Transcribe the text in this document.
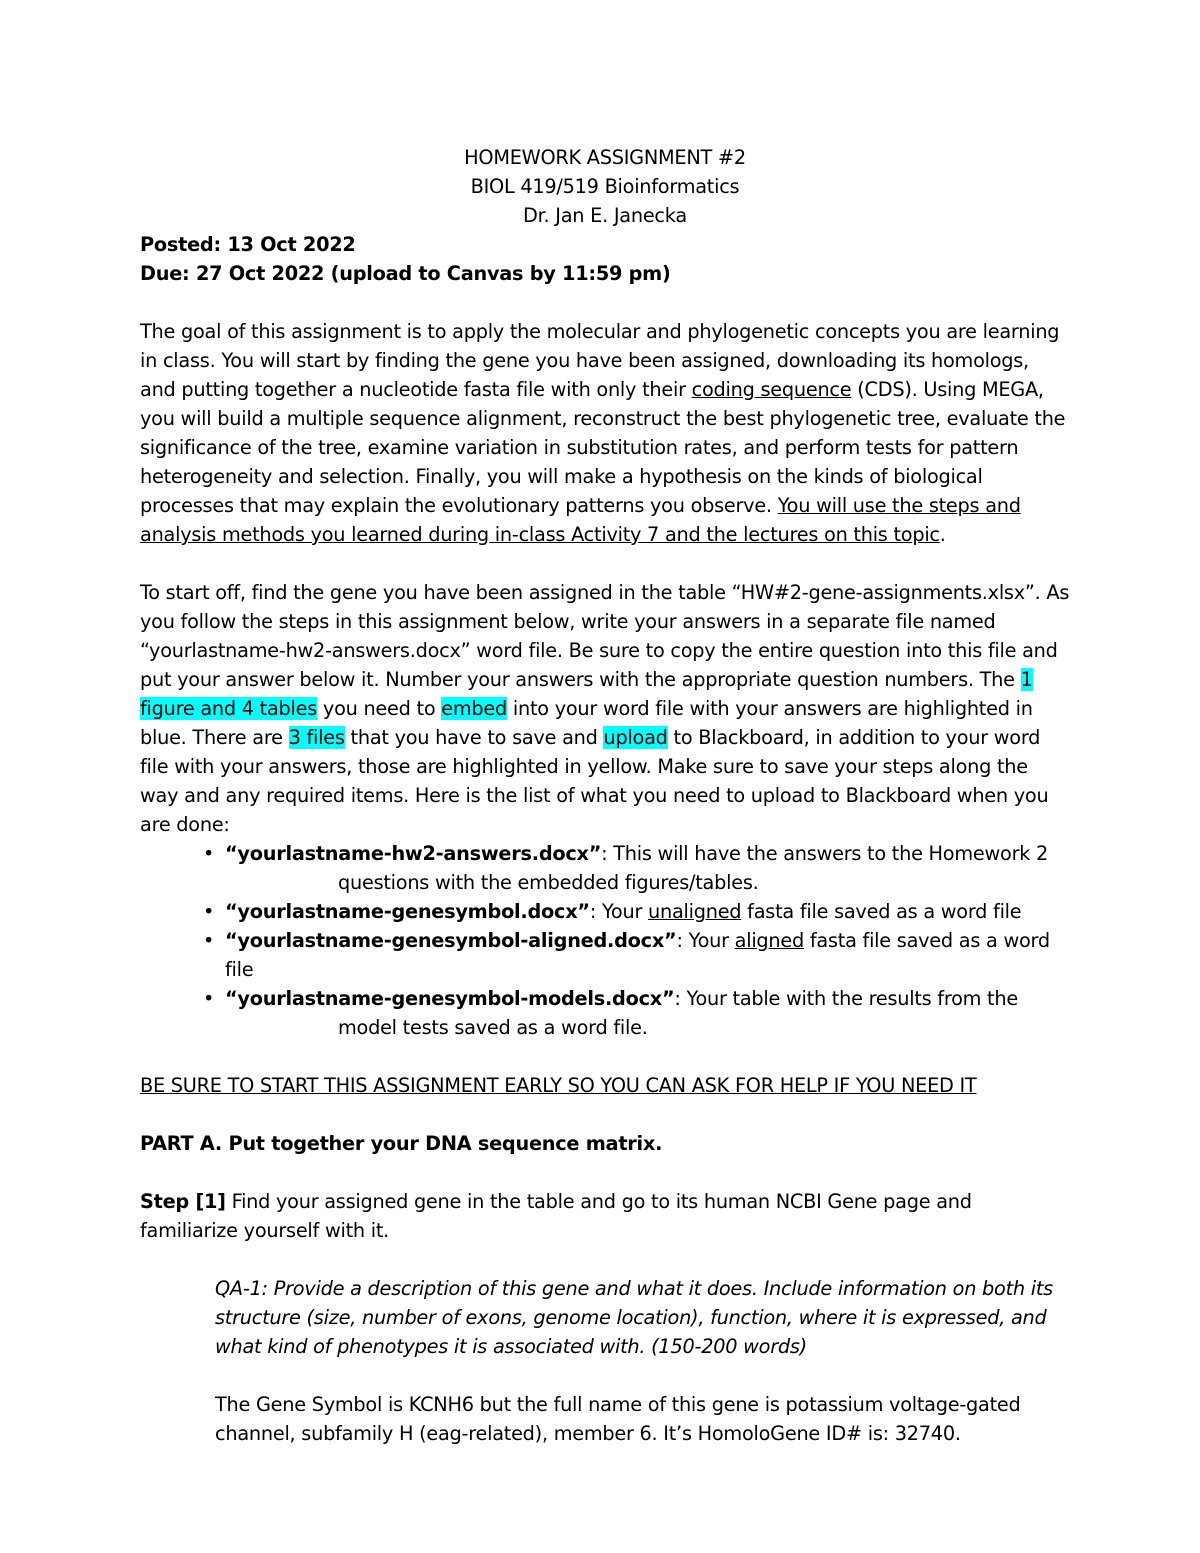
HOMEWORK ASSIGNMENT #2

BIOL 419/519 Bioinformatics

Dr. Jan E. Janecka

Posted: 13 Oct 2022

Due: 27 Oct 2022 (upload to Canvas by 11:59 pm)

The goal of this assignment is to apply the molecular and phylogenetic concepts you are learning in class. You will start by finding the gene you have been assigned, downloading its homologs, and putting together a nucleotide fasta file with only their coding sequence (CDS). Using MEGA, you will build a multiple sequence alignment, reconstruct the best phylogenetic tree, evaluate the significance of the tree, examine variation in substitution rates, and perform tests for pattern heterogeneity and selection. Finally, you will make a hypothesis on the kinds of biological processes that may explain the evolutionary patterns you observe. You will use the steps and analysis methods you learned during in-class Activity 7 and the lectures on this topic.

To start off, find the gene you have been assigned in the table “HW#2-gene-assignments.xlsx”. As you follow the steps in this assignment below, write your answers in a separate file named “yourlastname-hw2-answers.docx” word file. Be sure to copy the entire question into this file and put your answer below it. Number your answers with the appropriate question numbers. The 1 figure and 4 tables you need to embed into your word file with your answers are highlighted in blue. There are 3 files that you have to save and upload to Blackboard, in addition to your word file with your answers, those are highlighted in yellow. Make sure to save your steps along the way and any required items. Here is the list of what you need to upload to Blackboard when you are done:

• “yourlastname-hw2-answers.docx”: This will have the answers to the Homework 2
questions with the embedded figures/tables.
• “yourlastname-genesymbol.docx”: Your unaligned fasta file saved as a word file
• “yourlastname-genesymbol-aligned.docx”: Your aligned fasta file saved as a word file
• “yourlastname-genesymbol-models.docx”: Your table with the results from the
model tests saved as a word file.

BE SURE TO START THIS ASSIGNMENT EARLY SO YOU CAN ASK FOR HELP IF YOU NEED IT

PART A. Put together your DNA sequence matrix.

Step [1] Find your assigned gene in the table and go to its human NCBI Gene page and familiarize yourself with it.

QA-1: Provide a description of this gene and what it does. Include information on both its structure (size, number of exons, genome location), function, where it is expressed, and what kind of phenotypes it is associated with. (150-200 words)

The Gene Symbol is KCNH6 but the full name of this gene is potassium voltage-gated channel, subfamily H (eag-related), member 6. It’s HomoloGene ID# is: 32740.
